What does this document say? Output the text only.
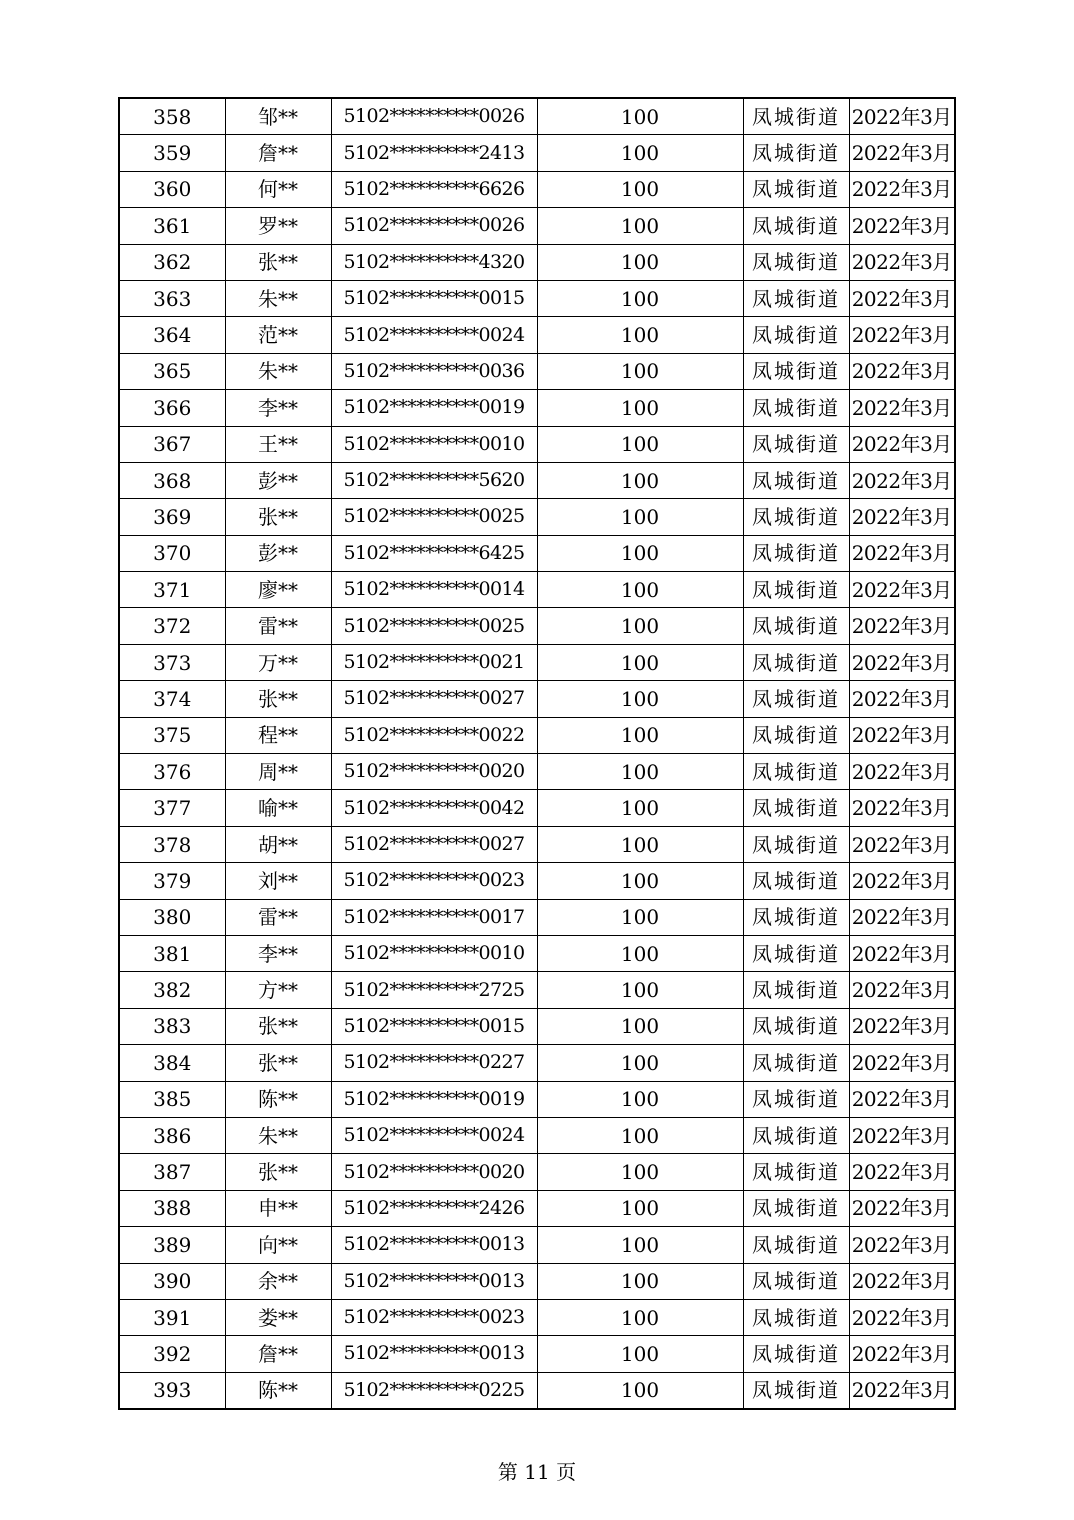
358	邹**	5102**********0026	100	凤城街道	2022年3月
359	詹**	5102**********2413	100	凤城街道	2022年3月
360	何**	5102**********6626	100	凤城街道	2022年3月
361	罗**	5102**********0026	100	凤城街道	2022年3月
362	张**	5102**********4320	100	凤城街道	2022年3月
363	朱**	5102**********0015	100	凤城街道	2022年3月
364	范**	5102**********0024	100	凤城街道	2022年3月
365	朱**	5102**********0036	100	凤城街道	2022年3月
366	李**	5102**********0019	100	凤城街道	2022年3月
367	王**	5102**********0010	100	凤城街道	2022年3月
368	彭**	5102**********5620	100	凤城街道	2022年3月
369	张**	5102**********0025	100	凤城街道	2022年3月
370	彭**	5102**********6425	100	凤城街道	2022年3月
371	廖**	5102**********0014	100	凤城街道	2022年3月
372	雷**	5102**********0025	100	凤城街道	2022年3月
373	万**	5102**********0021	100	凤城街道	2022年3月
374	张**	5102**********0027	100	凤城街道	2022年3月
375	程**	5102**********0022	100	凤城街道	2022年3月
376	周**	5102**********0020	100	凤城街道	2022年3月
377	喻**	5102**********0042	100	凤城街道	2022年3月
378	胡**	5102**********0027	100	凤城街道	2022年3月
379	刘**	5102**********0023	100	凤城街道	2022年3月
380	雷**	5102**********0017	100	凤城街道	2022年3月
381	李**	5102**********0010	100	凤城街道	2022年3月
382	方**	5102**********2725	100	凤城街道	2022年3月
383	张**	5102**********0015	100	凤城街道	2022年3月
384	张**	5102**********0227	100	凤城街道	2022年3月
385	陈**	5102**********0019	100	凤城街道	2022年3月
386	朱**	5102**********0024	100	凤城街道	2022年3月
387	张**	5102**********0020	100	凤城街道	2022年3月
388	申**	5102**********2426	100	凤城街道	2022年3月
389	向**	5102**********0013	100	凤城街道	2022年3月
390	余**	5102**********0013	100	凤城街道	2022年3月
391	娄**	5102**********0023	100	凤城街道	2022年3月
392	詹**	5102**********0013	100	凤城街道	2022年3月
393	陈**	5102**********0225	100	凤城街道	2022年3月
第 11 页
